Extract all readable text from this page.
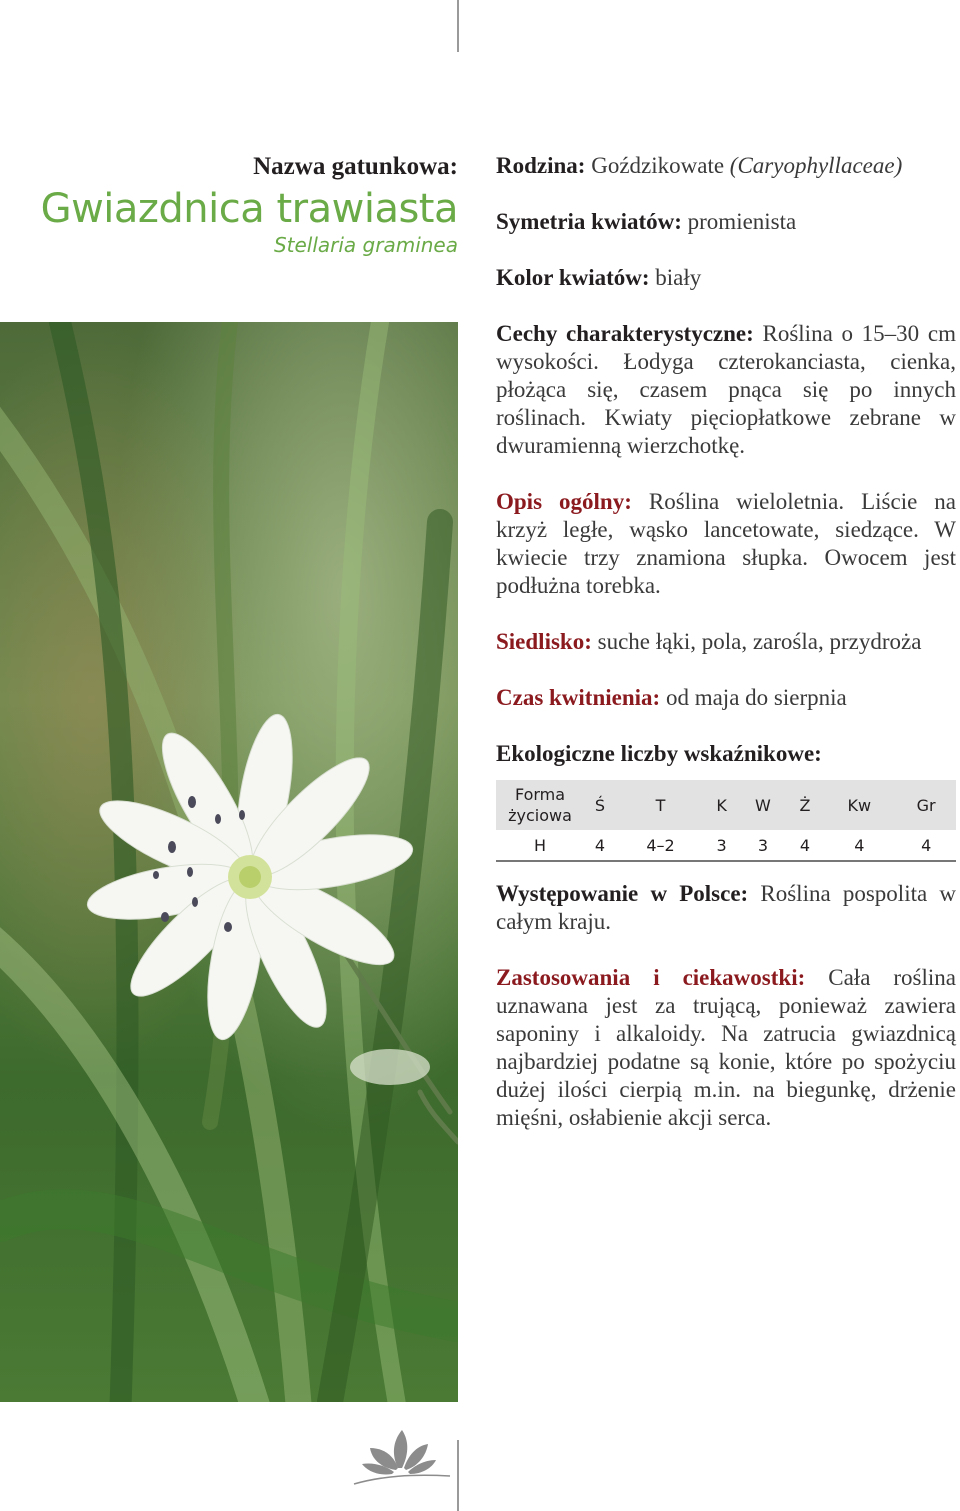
Nazwa gatunkowa:
Gwiazdnica trawiasta
Stellaria graminea
Rodzina: Goździkowate (Caryophyllaceae)
Symetria kwiatów: promienista
Kolor kwiatów: biały
Cechy charakterystyczne: Roślina o 15–30 cm wysokości. Łodyga czterokanciasta, cienka, płożąca się, czasem pnąca się po innych roślinach. Kwiaty pięciopłatkowe zebrane w dwuramienną wierzchotkę.
Opis ogólny: Roślina wieloletnia. Liście na krzyż ległe, wąsko lancetowate, siedzące. W kwiecie trzy znamiona słupka. Owocem jest podłużna torebka.
Siedlisko: suche łąki, pola, zarośla, przydroża
Czas kwitnienia: od maja do sierpnia
Ekologiczne liczby wskaźnikowe:
Forma życiowa	Ś	T	K	W	Ż	Kw	Gr
H	4	4–2	3	3	4	4	4
Występowanie w Polsce: Roślina pospolita w całym kraju.
Zastosowania i ciekawostki: Cała roślina uznawana jest za trującą, ponieważ zawiera saponiny i alkaloidy. Na zatrucia gwiazdnicą najbardziej podatne są konie, które po spożyciu dużej ilości cierpią m.in. na biegunkę, drżenie mięśni, osłabienie akcji serca.
